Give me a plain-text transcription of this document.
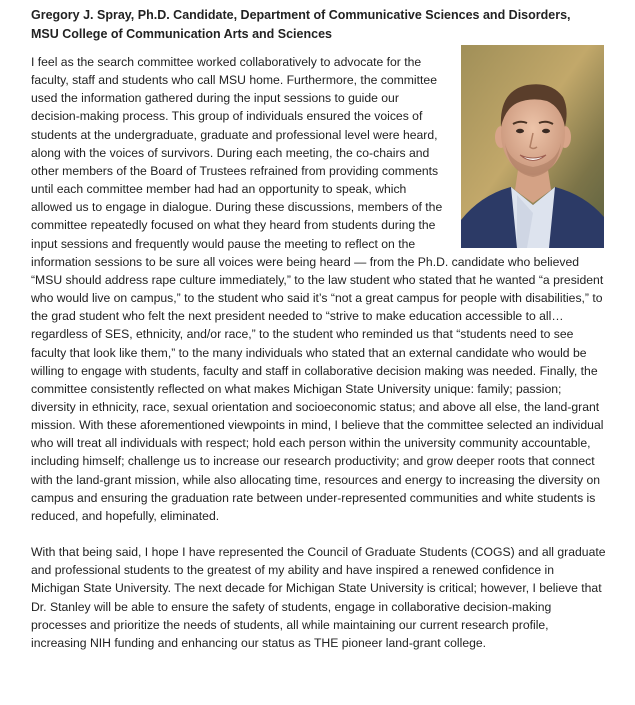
Gregory J. Spray, Ph.D. Candidate, Department of Communicative Sciences and Disorders,
MSU College of Communication Arts and Sciences

I feel as the search committee worked collaboratively to advocate for the faculty, staff and students who call MSU home. Furthermore, the committee used the information gathered during the input sessions to guide our decision-making process. This group of individuals ensured the voices of students at the undergraduate, graduate and professional level were heard, along with the voices of survivors. During each meeting, the co-chairs and other members of the Board of Trustees refrained from providing comments until each committee member had had an opportunity to speak, which allowed us to engage in dialogue. During these discussions, members of the committee repeatedly focused on what they heard from students during the input sessions and frequently would pause the meeting to reflect on the information sessions to be sure all voices were being heard — from the Ph.D. candidate who believed “MSU should address rape culture immediately,” to the law student who stated that he wanted “a president who would live on campus,” to the student who said it’s “not a great campus for people with disabilities,” to the grad student who felt the next president needed to “strive to make education accessible to all…regardless of SES, ethnicity, and/or race,” to the student who reminded us that “students need to see faculty that look like them,” to the many individuals who stated that an external candidate who would be willing to engage with students, faculty and staff in collaborative decision making was needed. Finally, the committee consistently reflected on what makes Michigan State University unique: family; passion; diversity in ethnicity, race, sexual orientation and socioeconomic status; and above all else, the land-grant mission. With these aforementioned viewpoints in mind, I believe that the committee selected an individual who will treat all individuals with respect; hold each person within the university community accountable, including himself; challenge us to increase our research productivity; and grow deeper roots that connect with the land-grant mission, while also allocating time, resources and energy to increasing the diversity on campus and ensuring the graduation rate between under-represented communities and white students is reduced, and hopefully, eliminated.

With that being said, I hope I have represented the Council of Graduate Students (COGS) and all graduate and professional students to the greatest of my ability and have inspired a renewed confidence in Michigan State University. The next decade for Michigan State University is critical; however, I believe that Dr. Stanley will be able to ensure the safety of students, engage in collaborative decision-making processes and prioritize the needs of students, all while maintaining our current research profile, increasing NIH funding and enhancing our status as THE pioneer land-grant college.
